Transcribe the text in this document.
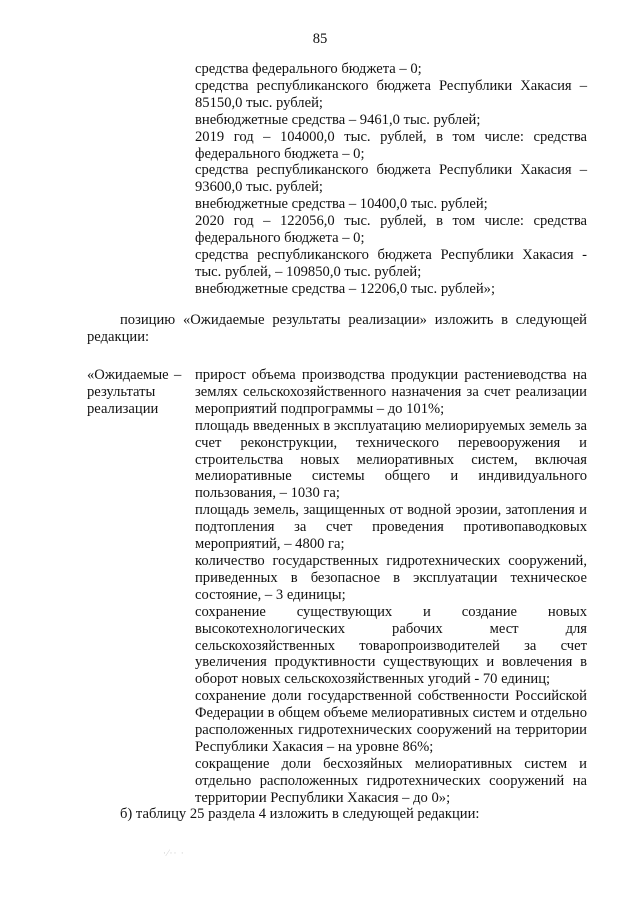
85

средства федерального бюджета – 0;

средства республиканского бюджета Республики Хакасия – 85150,0 тыс. рублей;

внебюджетные средства – 9461,0 тыс. рублей;

2019 год – 104000,0 тыс. рублей, в том числе: средства федерального бюджета – 0;

средства республиканского бюджета Республики Хакасия – 93600,0 тыс. рублей;

внебюджетные средства – 10400,0 тыс. рублей;

2020 год – 122056,0 тыс. рублей, в том числе: средства федерального бюджета – 0;

средства республиканского бюджета Республики Хакасия - тыс. рублей, – 109850,0 тыс. рублей;

внебюджетные средства – 12206,0 тыс. рублей»;

позицию «Ожидаемые результаты реализации» изложить в следующей

редакции:

«Ожидаемые
результаты
реализации
– прирост объема производства продукции растениеводства на землях сельскохозяйственного назначения за счет реализации мероприятий подпрограммы – до 101%;

площадь введенных в эксплуатацию мелиорируемых земель за счет реконструкции, технического перевооружения и строительства новых мелиоративных систем, включая мелиоративные системы общего и индивидуального пользования, – 1030 га;

площадь земель, защищенных от водной эрозии, затопления и подтопления за счет проведения противопаводковых мероприятий, – 4800 га;

количество государственных гидротехнических сооружений, приведенных в безопасное в эксплуатации техническое состояние, – 3 единицы;

сохранение существующих и создание новых высокотехнологических рабочих мест для сельскохозяйственных товаропроизводителей за счет увеличения продуктивности существующих и вовлечения в оборот новых сельскохозяйственных угодий - 70 единиц;

сохранение доли государственной собственности Российской Федерации в общем объеме мелиоративных систем и отдельно расположенных гидротехнических сооружений на территории Республики Хакасия – на уровне 86%;

сокращение доли бесхозяйных мелиоративных систем и отдельно расположенных гидротехнических сооружений на территории Республики Хакасия – до 0»;

б) таблицу 25 раздела 4 изложить в следующей редакции:
·⁄·· ·
